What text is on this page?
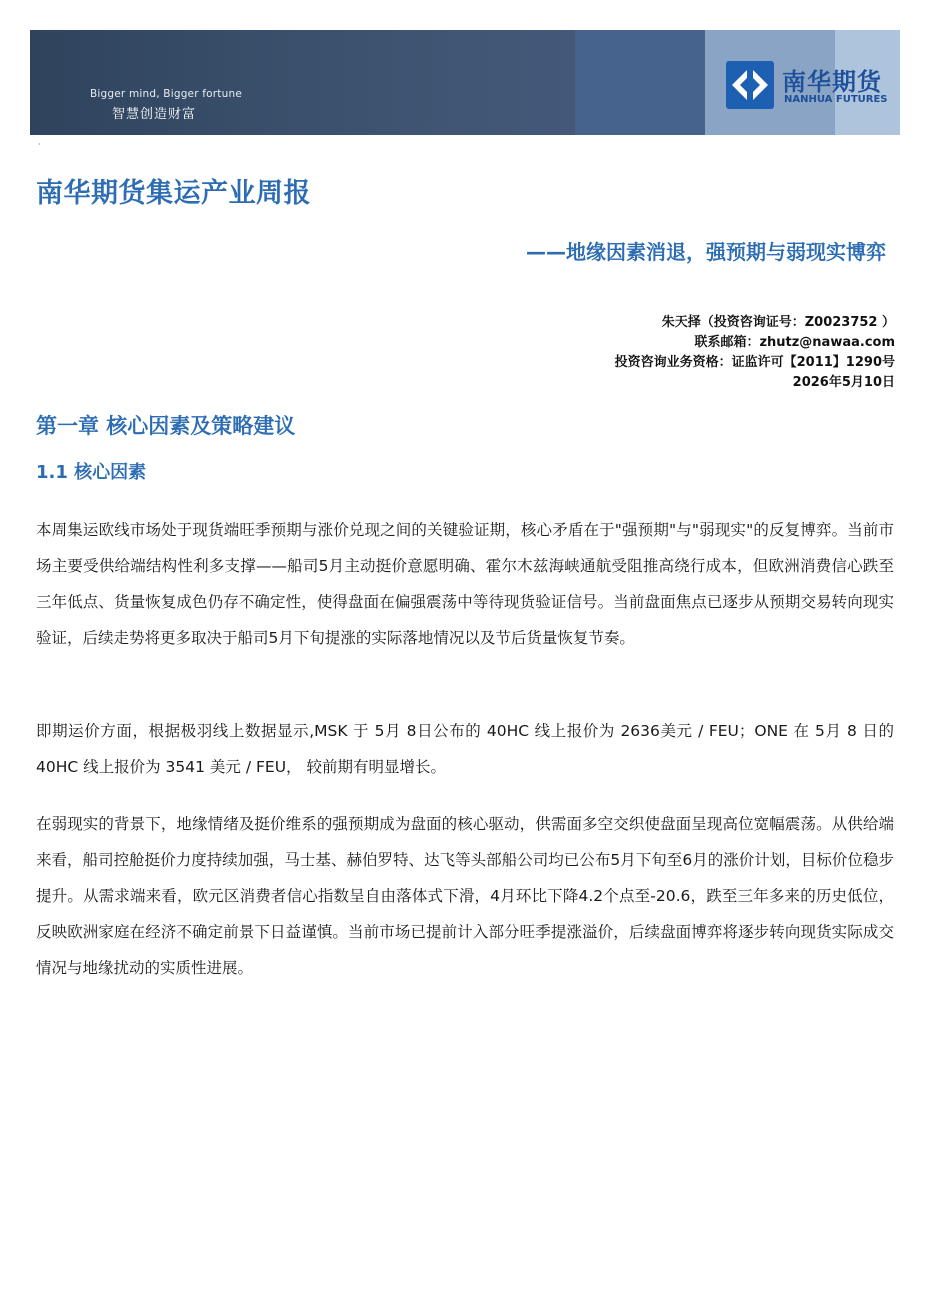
Bigger mind, Bigger fortune
智慧创造财富
南华期货
NANHUA FUTURES
·
南华期货集运产业周报
——地缘因素消退，强预期与弱现实博弈
朱天择（投资咨询证号：Z0023752 ）
联系邮箱：zhutz@nawaa.com
投资咨询业务资格：证监许可【2011】1290号
2026年5月10日
第一章 核心因素及策略建议
1.1 核心因素
本周集运欧线市场处于现货端旺季预期与涨价兑现之间的关键验证期，核心矛盾在于"强预期"与"弱现实"的反复博弈。当前市场主要受供给端结构性利多支撑——船司5月主动挺价意愿明确、霍尔木兹海峡通航受阻推高绕行成本，但欧洲消费信心跌至三年低点、货量恢复成色仍存不确定性，使得盘面在偏强震荡中等待现货验证信号。当前盘面焦点已逐步从预期交易转向现实验证，后续走势将更多取决于船司5月下旬提涨的实际落地情况以及节后货量恢复节奏。
即期运价方面，根据极羽线上数据显示,MSK 于 5月 8日公布的 40HC 线上报价为 2636美元 / FEU；ONE 在 5月 8 日的 40HC 线上报价为 3541 美元 / FEU， 较前期有明显增长。
在弱现实的背景下，地缘情绪及挺价维系的强预期成为盘面的核心驱动，供需面多空交织使盘面呈现高位宽幅震荡。从供给端来看，船司控舱挺价力度持续加强，马士基、赫伯罗特、达飞等头部船公司均已公布5月下旬至6月的涨价计划，目标价位稳步提升。从需求端来看，欧元区消费者信心指数呈自由落体式下滑，4月环比下降4.2个点至-20.6，跌至三年多来的历史低位，反映欧洲家庭在经济不确定前景下日益谨慎。当前市场已提前计入部分旺季提涨溢价，后续盘面博弈将逐步转向现货实际成交情况与地缘扰动的实质性进展。
